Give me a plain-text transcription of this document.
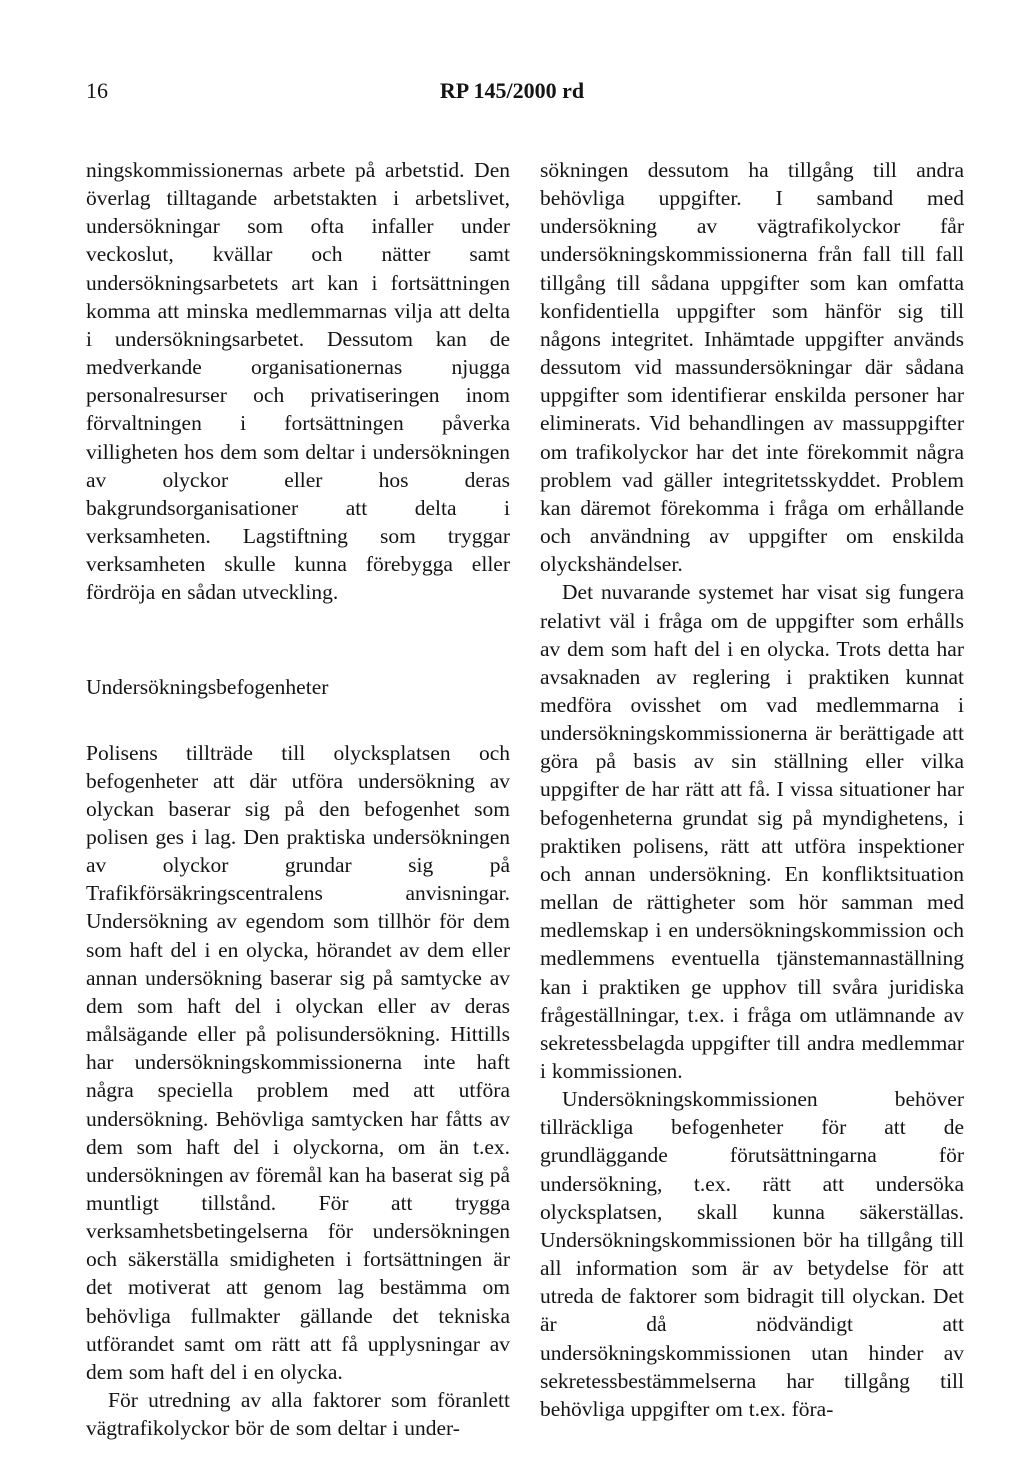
16	RP 145/2000 rd

ningskommissionernas arbete på arbetstid. Den överlag tilltagande arbetstakten i arbetslivet, undersökningar som ofta infaller under veckoslut, kvällar och nätter samt undersökningsarbetets art kan i fortsättningen komma att minska medlemmarnas vilja att delta i undersökningsarbetet. Dessutom kan de medverkande organisationernas njugga personalresurser och privatiseringen inom förvaltningen i fortsättningen påverka villigheten hos dem som deltar i undersökningen av olyckor eller hos deras bakgrundsorganisationer att delta i verksamheten. Lagstiftning som tryggar verksamheten skulle kunna förebygga eller fördröja en sådan utveckling.

Undersökningsbefogenheter

Polisens tillträde till olycksplatsen och befogenheter att där utföra undersökning av olyckan baserar sig på den befogenhet som polisen ges i lag. Den praktiska undersökningen av olyckor grundar sig på Trafikförsäkringscentralens anvisningar. Undersökning av egendom som tillhör för dem som haft del i en olycka, hörandet av dem eller annan undersökning baserar sig på samtycke av dem som haft del i olyckan eller av deras målsägande eller på polisundersökning. Hittills har undersökningskommissionerna inte haft några speciella problem med att utföra undersökning. Behövliga samtycken har fåtts av dem som haft del i olyckorna, om än t.ex. undersökningen av föremål kan ha baserat sig på muntligt tillstånd. För att trygga verksamhetsbetingelserna för undersökningen och säkerställa smidigheten i fortsättningen är det motiverat att genom lag bestämma om behövliga fullmakter gällande det tekniska utförandet samt om rätt att få upplysningar av dem som haft del i en olycka.

För utredning av alla faktorer som föranlett vägtrafikolyckor bör de som deltar i under-

sökningen dessutom ha tillgång till andra behövliga uppgifter. I samband med undersökning av vägtrafikolyckor får undersökningskommissionerna från fall till fall tillgång till sådana uppgifter som kan omfatta konfidentiella uppgifter som hänför sig till någons integritet. Inhämtade uppgifter används dessutom vid massundersökningar där sådana uppgifter som identifierar enskilda personer har eliminerats. Vid behandlingen av massuppgifter om trafikolyckor har det inte förekommit några problem vad gäller integritetsskyddet. Problem kan däremot förekomma i fråga om erhållande och användning av uppgifter om enskilda olyckshändelser.

Det nuvarande systemet har visat sig fungera relativt väl i fråga om de uppgifter som erhålls av dem som haft del i en olycka. Trots detta har avsaknaden av reglering i praktiken kunnat medföra ovisshet om vad medlemmarna i undersökningskommissionerna är berättigade att göra på basis av sin ställning eller vilka uppgifter de har rätt att få. I vissa situationer har befogenheterna grundat sig på myndighetens, i praktiken polisens, rätt att utföra inspektioner och annan undersökning. En konfliktsituation mellan de rättigheter som hör samman med medlemskap i en undersökningskommission och medlemmens eventuella tjänstemannaställning kan i praktiken ge upphov till svåra juridiska frågeställningar, t.ex. i fråga om utlämnande av sekretessbelagda uppgifter till andra medlemmar i kommissionen.

Undersökningskommissionen behöver tillräckliga befogenheter för att de grundläggande förutsättningarna för undersökning, t.ex. rätt att undersöka olycksplatsen, skall kunna säkerställas. Undersökningskommissionen bör ha tillgång till all information som är av betydelse för att utreda de faktorer som bidragit till olyckan. Det är då nödvändigt att undersökningskommissionen utan hinder av sekretessbestämmelserna har tillgång till behövliga uppgifter om t.ex. föra-
